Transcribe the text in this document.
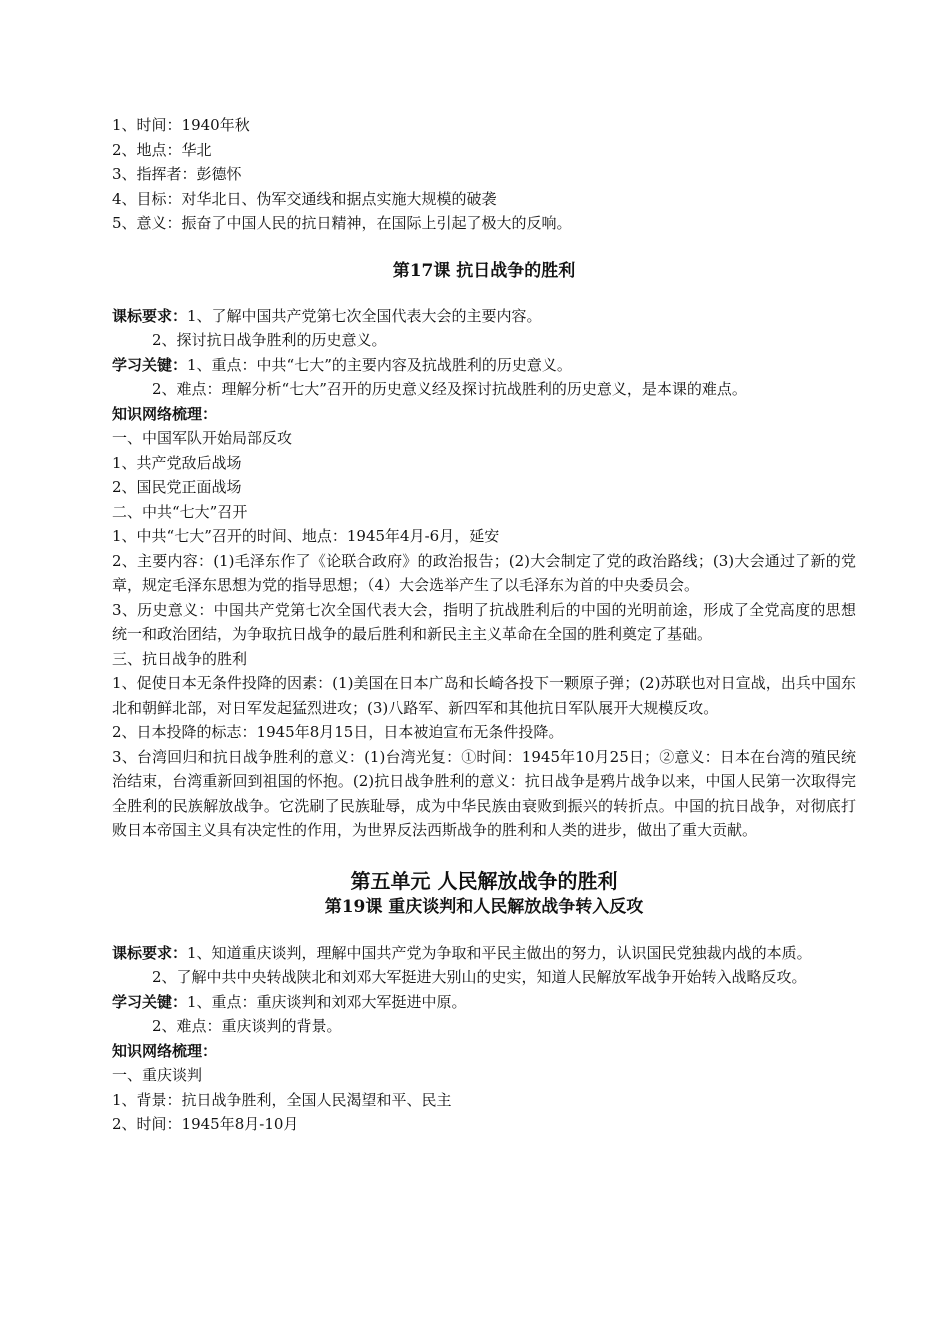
1、时间：1940年秋

2、地点：华北

3、指挥者：彭德怀

4、目标：对华北日、伪军交通线和据点实施大规模的破袭

5、意义：振奋了中国人民的抗日精神，在国际上引起了极大的反响。

第17课 抗日战争的胜利

课标要求：1、了解中国共产党第七次全国代表大会的主要内容。

2、探讨抗日战争胜利的历史意义。

学习关键：1、重点：中共“七大”的主要内容及抗战胜利的历史意义。

2、难点：理解分析“七大”召开的历史意义经及探讨抗战胜利的历史意义，是本课的难点。

知识网络梳理：

一、中国军队开始局部反攻

1、共产党敌后战场

2、国民党正面战场

二、中共“七大”召开

1、中共“七大”召开的时间、地点：1945年4月-6月，延安

2、主要内容：(1)毛泽东作了《论联合政府》的政治报告；(2)大会制定了党的政治路线；(3)大会通过了新的党章，规定毛泽东思想为党的指导思想；（4）大会选举产生了以毛泽东为首的中央委员会。

3、历史意义：中国共产党第七次全国代表大会，指明了抗战胜利后的中国的光明前途，形成了全党高度的思想统一和政治团结，为争取抗日战争的最后胜利和新民主主义革命在全国的胜利奠定了基础。

三、抗日战争的胜利

1、促使日本无条件投降的因素：(1)美国在日本广岛和长崎各投下一颗原子弹；(2)苏联也对日宣战，出兵中国东北和朝鲜北部，对日军发起猛烈进攻；(3)八路军、新四军和其他抗日军队展开大规模反攻。

2、日本投降的标志：1945年8月15日，日本被迫宣布无条件投降。

3、台湾回归和抗日战争胜利的意义：(1)台湾光复：①时间：1945年10月25日；②意义：日本在台湾的殖民统治结束，台湾重新回到祖国的怀抱。(2)抗日战争胜利的意义：抗日战争是鸦片战争以来，中国人民第一次取得完全胜利的民族解放战争。它洗刷了民族耻辱，成为中华民族由衰败到振兴的转折点。中国的抗日战争，对彻底打败日本帝国主义具有决定性的作用，为世界反法西斯战争的胜利和人类的进步，做出了重大贡献。

第五单元 人民解放战争的胜利
第19课 重庆谈判和人民解放战争转入反攻

课标要求：1、知道重庆谈判，理解中国共产党为争取和平民主做出的努力，认识国民党独裁内战的本质。

2、了解中共中央转战陕北和刘邓大军挺进大别山的史实，知道人民解放军战争开始转入战略反攻。

学习关键：1、重点：重庆谈判和刘邓大军挺进中原。

2、难点：重庆谈判的背景。

知识网络梳理：

一、重庆谈判

1、背景：抗日战争胜利，全国人民渴望和平、民主

2、时间：1945年8月-10月
